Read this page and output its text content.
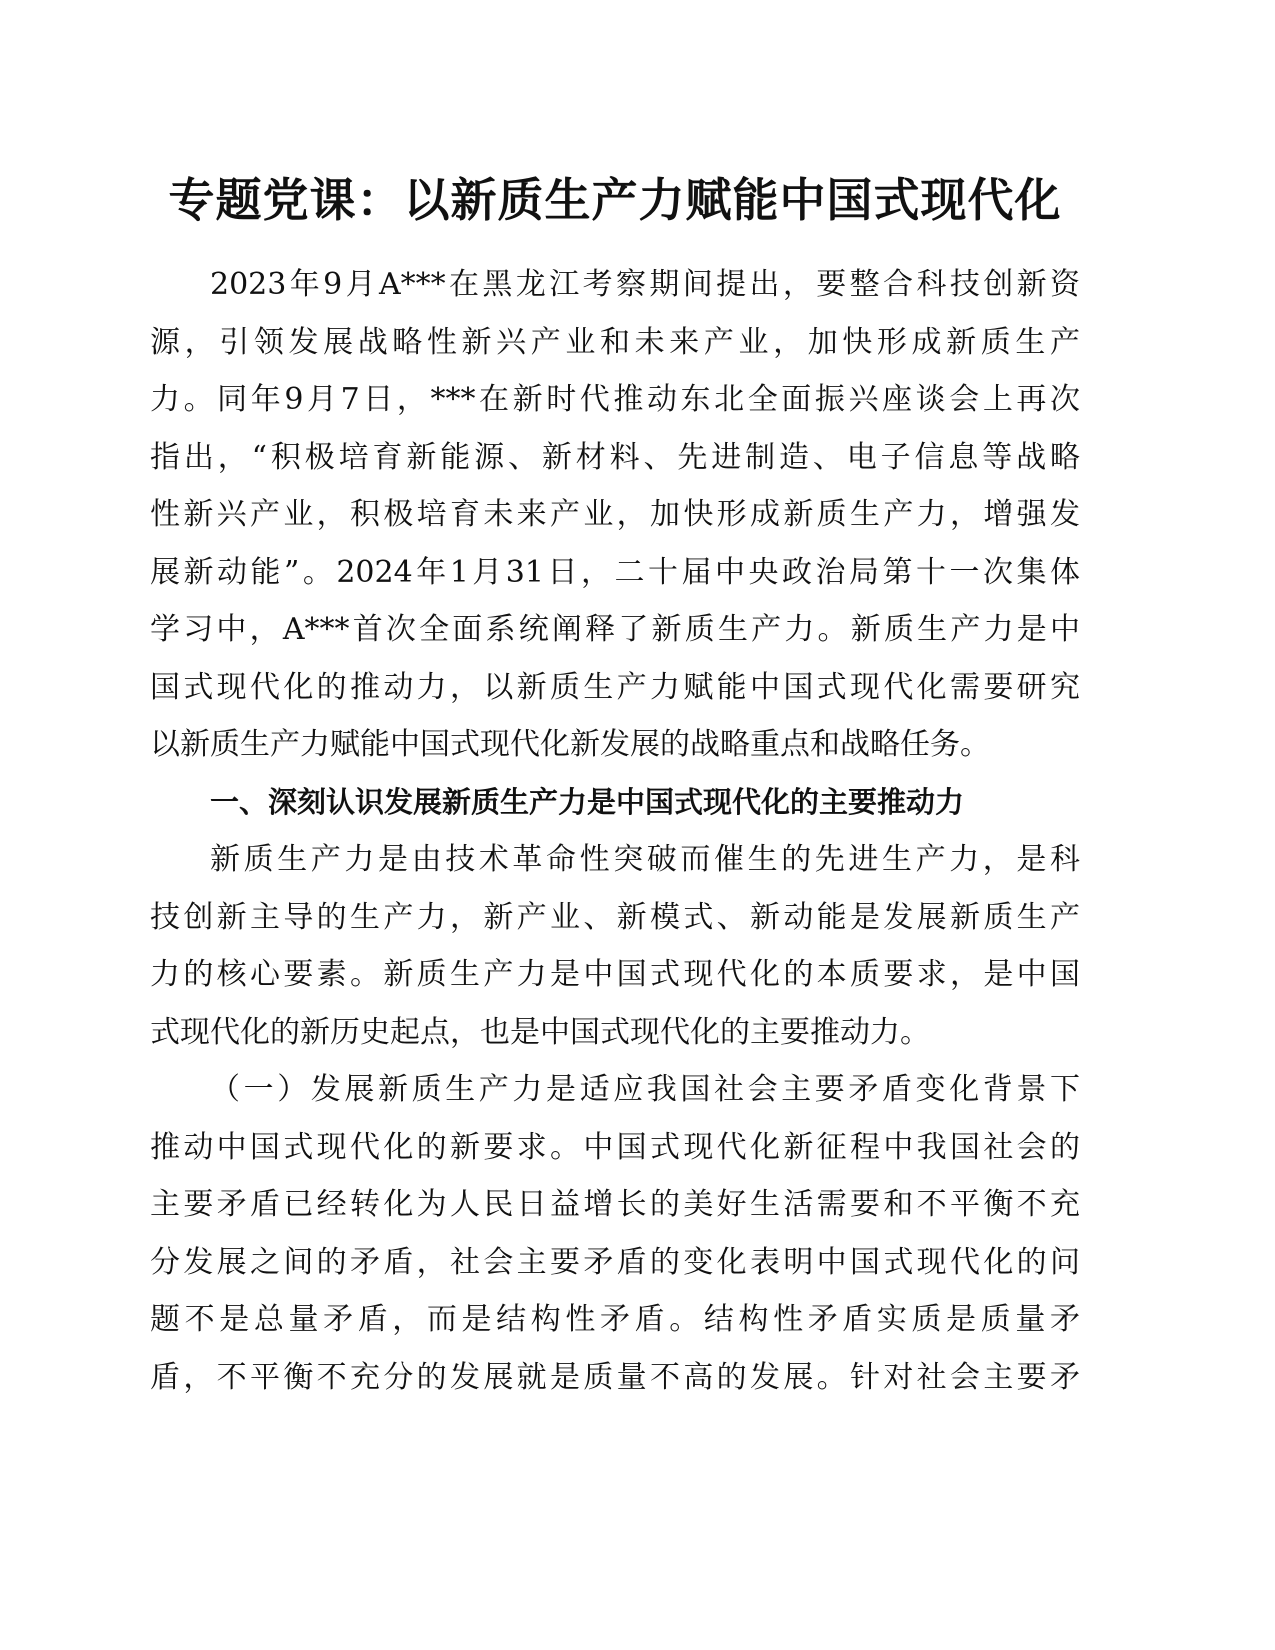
专题党课：以新质生产力赋能中国式现代化
2023年9月A***在黑龙江考察期间提出，要整合科技创新资
源，引领发展战略性新兴产业和未来产业，加快形成新质生产
力。同年9月7日，***在新时代推动东北全面振兴座谈会上再次
指出，“积极培育新能源、新材料、先进制造、电子信息等战略
性新兴产业，积极培育未来产业，加快形成新质生产力，增强发
展新动能”。2024年1月31日，二十届中央政治局第十一次集体
学习中，A***首次全面系统阐释了新质生产力。新质生产力是中
国式现代化的推动力，以新质生产力赋能中国式现代化需要研究
以新质生产力赋能中国式现代化新发展的战略重点和战略任务。
一、深刻认识发展新质生产力是中国式现代化的主要推动力
新质生产力是由技术革命性突破而催生的先进生产力，是科
技创新主导的生产力，新产业、新模式、新动能是发展新质生产
力的核心要素。新质生产力是中国式现代化的本质要求，是中国
式现代化的新历史起点，也是中国式现代化的主要推动力。
（一）发展新质生产力是适应我国社会主要矛盾变化背景下
推动中国式现代化的新要求。中国式现代化新征程中我国社会的
主要矛盾已经转化为人民日益增长的美好生活需要和不平衡不充
分发展之间的矛盾，社会主要矛盾的变化表明中国式现代化的问
题不是总量矛盾，而是结构性矛盾。结构性矛盾实质是质量矛
盾，不平衡不充分的发展就是质量不高的发展。针对社会主要矛
